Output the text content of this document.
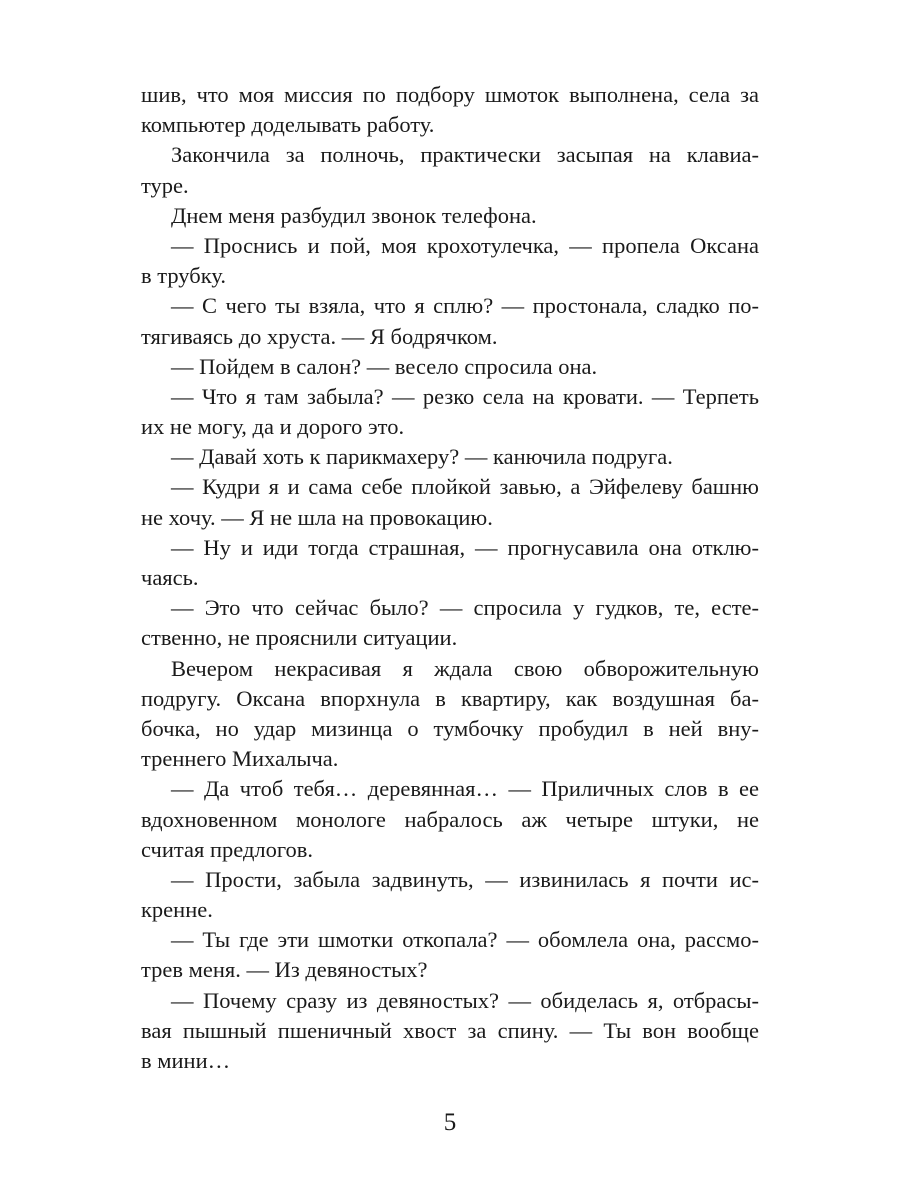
шив, что моя миссия по подбору шмоток выполнена, села за
компьютер доделывать работу.
Закончила за полночь, практически засыпая на клавиа-
туре.
Днем меня разбудил звонок телефона.
— Проснись и пой, моя крохотулечка, — пропела Оксана
в трубку.
— С чего ты взяла, что я сплю? — простонала, сладко по-
тягиваясь до хруста. — Я бодрячком.
— Пойдем в салон? — весело спросила она.
— Что я там забыла? — резко села на кровати. — Терпеть
их не могу, да и дорого это.
— Давай хоть к парикмахеру? — канючила подруга.
— Кудри я и сама себе плойкой завью, а Эйфелеву башню
не хочу. — Я не шла на провокацию.
— Ну и иди тогда страшная, — прогнусавила она отклю-
чаясь.
— Это что сейчас было? — спросила у гудков, те, есте-
ственно, не прояснили ситуации.
Вечером некрасивая я ждала свою обворожительную
подругу. Оксана впорхнула в квартиру, как воздушная ба-
бочка, но удар мизинца о тумбочку пробудил в ней вну-
треннего Михалыча.
— Да чтоб тебя… деревянная… — Приличных слов в ее
вдохновенном монологе набралось аж четыре штуки, не
считая предлогов.
— Прости, забыла задвинуть, — извинилась я почти ис-
кренне.
— Ты где эти шмотки откопала? — обомлела она, рассмо-
трев меня. — Из девяностых?
— Почему сразу из девяностых? — обиделась я, отбрасы-
вая пышный пшеничный хвост за спину. — Ты вон вообще
в мини…
5
